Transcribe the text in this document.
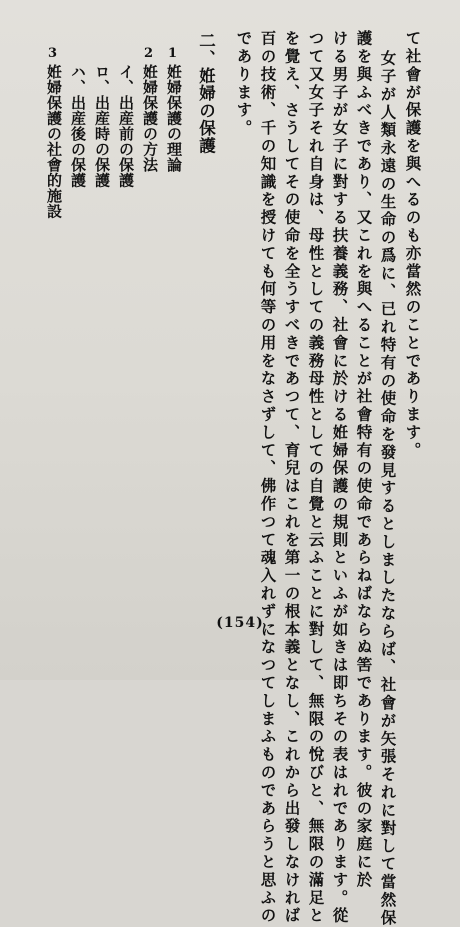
て社會が保護を與へるのも亦當然のことであります。
女子が人類永遠の生命の爲に、已れ特有の使命を發見するとしましたならば、社會が矢張それに對して當然保
護を與ふべきであり、又これを與へることが社會特有の使命であらねばならぬ筈であります。彼の家庭に於
ける男子が女子に對する扶養義務、社會に於ける姙婦保護の規則といふが如きは即ちその表はれであります。從
つて又女子それ自身は、母性としての義務母性としての自覺と云ふことに對して、無限の悅びと、無限の滿足と
を覺え、さうしてその使命を全うすべきであつて、育兒はこれを第一の根本義となし、これから出發しなければ
百の技術、千の知識を授けても何等の用をなさずして、佛作つて魂入れずになつてしまふものであらうと思ふの
であります。
二、姙婦の保護
1
姙婦保護の理論
2
姙婦保護の方法
イ、出産前の保護
ロ、出産時の保護
ハ、出産後の保護
3
姙婦保護の社會的施設
(154)
